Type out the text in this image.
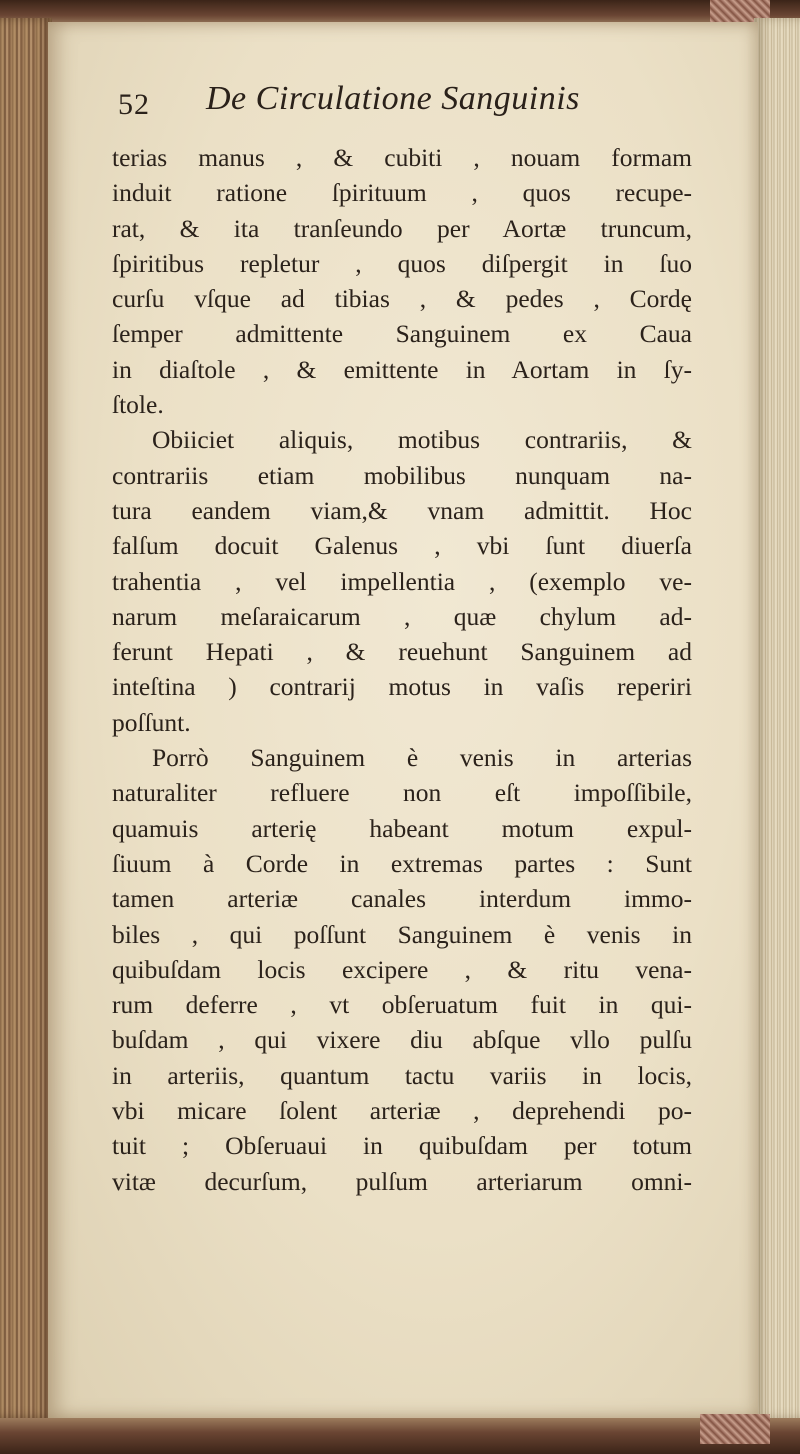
52 De Circulatione Sanguinis
terias manus , & cubiti , nouam formam
induit ratione ſpirituum , quos recupe-
rat, & ita tranſeundo per Aortæ truncum,
ſpiritibus repletur , quos diſpergit in ſuo
curſu vſque ad tibias , & pedes , Cordę
ſemper admittente Sanguinem ex Caua
in diaſtole , & emittente in Aortam in ſy-
ſtole.
Obiiciet aliquis, motibus contrariis, &
contrariis etiam mobilibus nunquam na-
tura eandem viam,& vnam admittit. Hoc
falſum docuit Galenus , vbi ſunt diuerſa
trahentia , vel impellentia , (exemplo ve-
narum meſaraicarum , quæ chylum ad-
ferunt Hepati , & reuehunt Sanguinem ad
inteſtina ) contrarij motus in vaſis reperiri
poſſunt.
Porrò Sanguinem è venis in arterias
naturaliter refluere non eſt impoſſibile,
quamuis arterię habeant motum expul-
ſiuum à Corde in extremas partes : Sunt
tamen arteriæ canales interdum immo-
biles , qui poſſunt Sanguinem è venis in
quibuſdam locis excipere , & ritu vena-
rum deferre , vt obſeruatum fuit in qui-
buſdam , qui vixere diu abſque vllo pulſu
in arteriis, quantum tactu variis in locis,
vbi micare ſolent arteriæ , deprehendi po-
tuit ; Obſeruaui in quibuſdam per totum
vitæ decurſum, pulſum arteriarum omni-
